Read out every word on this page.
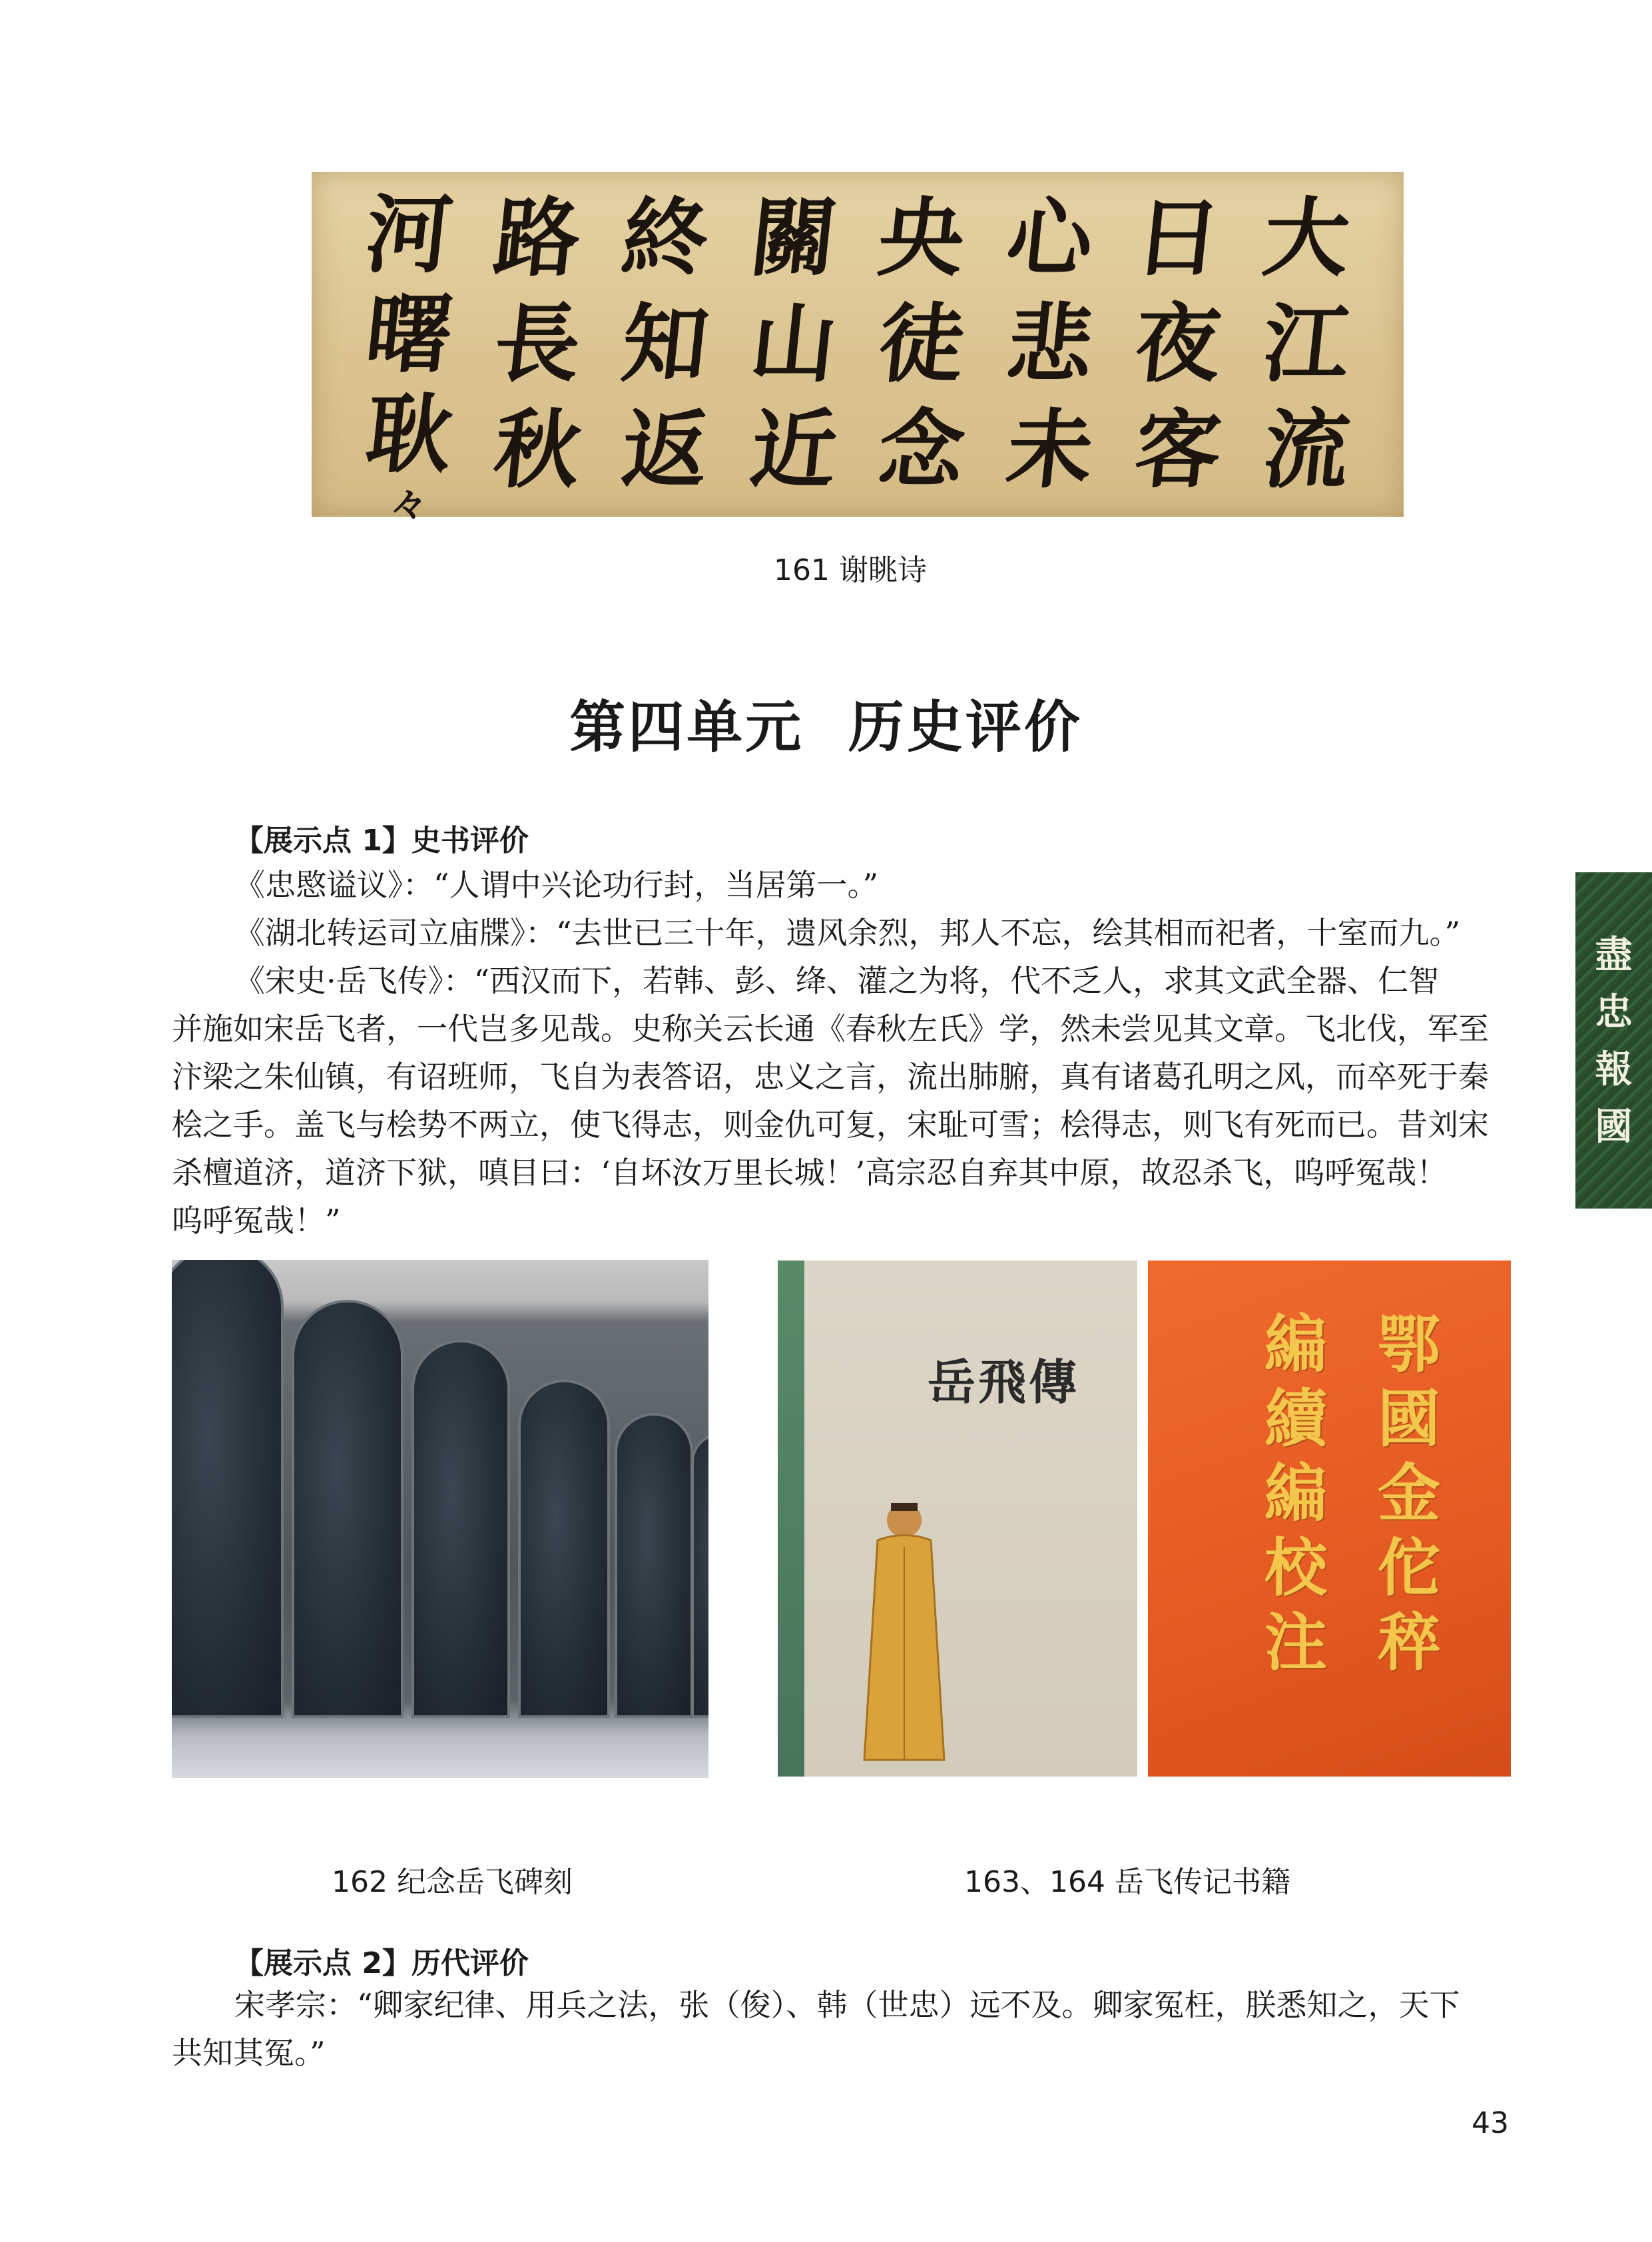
大
江
流
日
夜
客
心
悲
未
央
徒
念
關
山
近
終
知
返
路
長
秋
河
曙
耿
々
161 谢眺诗
第四单元  历史评价
【展示点 1】史书评价
《忠愍谥议》：“人谓中兴论功行封，当居第一。”
《湖北转运司立庙牒》：“去世已三十年，遗风余烈，邦人不忘，绘其相而祀者，十室而九。”
《宋史·岳飞传》：“西汉而下，若韩、彭、绛、灌之为将，代不乏人，求其文武全器、仁智
并施如宋岳飞者，一代岂多见哉。史称关云长通《春秋左氏》学，然未尝见其文章。飞北伐，军至
汴梁之朱仙镇，有诏班师，飞自为表答诏，忠义之言，流出肺腑，真有诸葛孔明之风，而卒死于秦
桧之手。盖飞与桧势不两立，使飞得志，则金仇可复，宋耻可雪；桧得志，则飞有死而已。昔刘宋
杀檀道济，道济下狱，嗔目曰：‘自坏汝万里长城！’高宗忍自弃其中原，故忍杀飞，呜呼冤哉！
呜呼冤哉！”
盡
忠
報
國
岳飛傳
鄂
國
金
佗
稡
編
續
編
校
注
162 纪念岳飞碑刻	163、164 岳飞传记书籍
【展示点 2】历代评价
宋孝宗：“卿家纪律、用兵之法，张（俊）、韩（世忠）远不及。卿家冤枉，朕悉知之，天下
共知其冤。”
43
